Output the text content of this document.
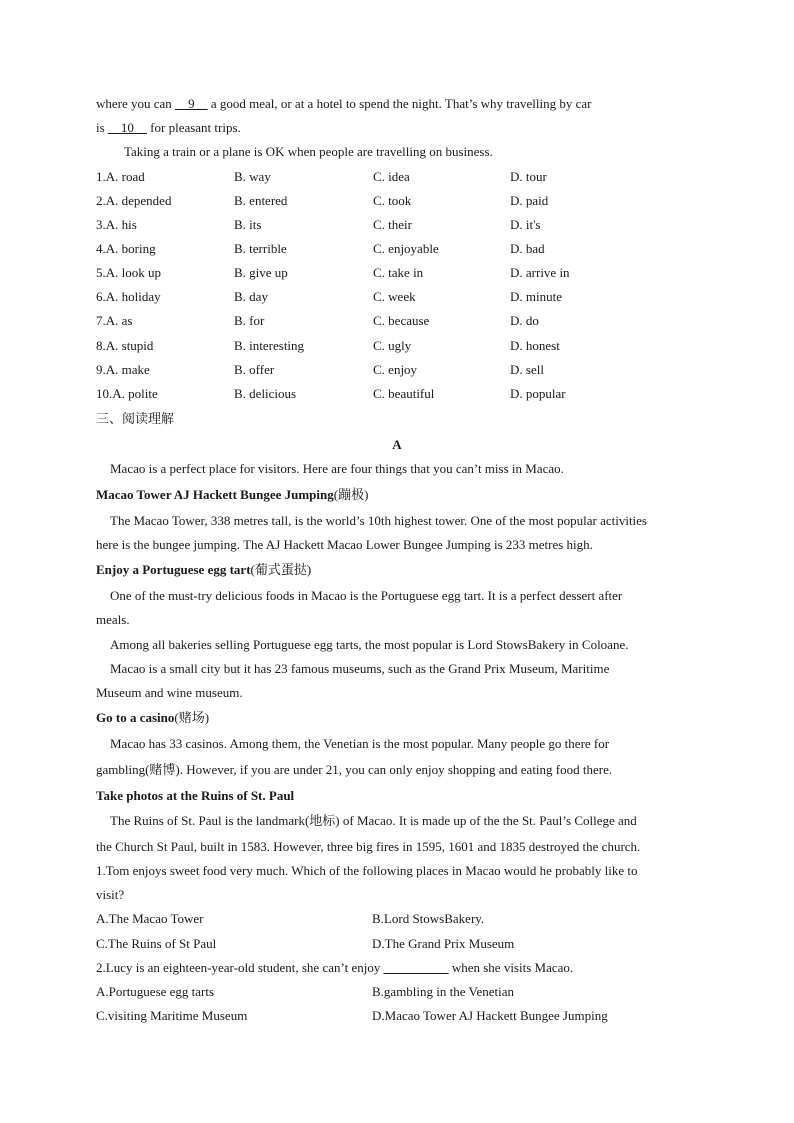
where you can __9__ a good meal, or at a hotel to spend the night. That’s why travelling by car
is __10__ for pleasant trips.
Taking a train or a plane is OK when people are travelling on business.
1.A. road	B. way	C. idea	D. tour
2.A. depended	B. entered	C. took	D. paid
3.A. his	B. its	C. their	D. it's
4.A. boring	B. terrible	C. enjoyable	D. bad
5.A. look up	B. give up	C. take in	D. arrive in
6.A. holiday	B. day	C. week	D. minute
7.A. as	B. for	C. because	D. do
8.A. stupid	B. interesting	C. ugly	D. honest
9.A. make	B. offer	C. enjoy	D. sell
10.A. polite	B. delicious	C. beautiful	D. popular
三、阅读理解
A
Macao is a perfect place for visitors. Here are four things that you can’t miss in Macao.
Macao Tower AJ Hackett Bungee Jumping(蹦极)
The Macao Tower, 338 metres tall, is the world’s 10th highest tower. One of the most popular activities
here is the bungee jumping. The AJ Hackett Macao Lower Bungee Jumping is 233 metres high.
Enjoy a Portuguese egg tart(葡式蛋挞)
One of the must-try delicious foods in Macao is the Portuguese egg tart. It is a perfect dessert after
meals.
Among all bakeries selling Portuguese egg tarts, the most popular is Lord StowsBakery in Coloane.
Macao is a small city but it has 23 famous museums, such as the Grand Prix Museum, Maritime
Museum and wine museum.
Go to a casino(赌场)
Macao has 33 casinos. Among them, the Venetian is the most popular. Many people go there for
gambling(赌博). However, if you are under 21, you can only enjoy shopping and eating food there.
Take photos at the Ruins of St. Paul
The Ruins of St. Paul is the landmark(地标) of Macao. It is made up of the the St. Paul’s College and
the Church St Paul, built in 1583. However, three big fires in 1595, 1601 and 1835 destroyed the church.
1.Tom enjoys sweet food very much. Which of the following places in Macao would he probably like to
visit?
A.The Macao Tower	B.Lord StowsBakery.
C.The Ruins of St Paul	D.The Grand Prix Museum
2.Lucy is an eighteen-year-old student, she can’t enjoy __________ when she visits Macao.
A.Portuguese egg tarts	B.gambling in the Venetian
C.visiting Maritime Museum	D.Macao Tower AJ Hackett Bungee Jumping
